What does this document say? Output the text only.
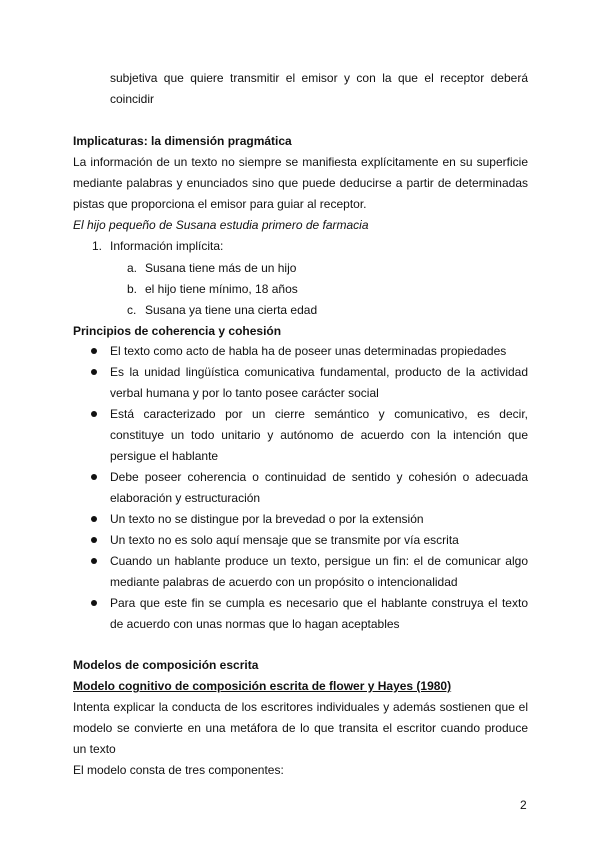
subjetiva que quiere transmitir el emisor y con la que el receptor deberá
coincidir
Implicaturas: la dimensión pragmática
La información de un texto no siempre se manifiesta explícitamente en su superficie
mediante palabras y enunciados sino que puede deducirse a partir de determinadas
pistas que proporciona el emisor para guiar al receptor.
El hijo pequeño de Susana estudia primero de farmacia
1. Información implícita:
a. Susana tiene más de un hijo
b. el hijo tiene mínimo, 18 años
c. Susana ya tiene una cierta edad
Principios de coherencia y cohesión
El texto como acto de habla ha de poseer unas determinadas propiedades
Es la unidad lingüística comunicativa fundamental, producto de la actividad
verbal humana y por lo tanto posee carácter social
Está caracterizado por un cierre semántico y comunicativo, es decir,
constituye un todo unitario y autónomo de acuerdo con la intención que
persigue el hablante
Debe poseer coherencia o continuidad de sentido y cohesión o adecuada
elaboración y estructuración
Un texto no se distingue por la brevedad o por la extensión
Un texto no es solo aquí mensaje que se transmite por vía escrita
Cuando un hablante produce un texto, persigue un fin: el de comunicar algo
mediante palabras de acuerdo con un propósito o intencionalidad
Para que este fin se cumpla es necesario que el hablante construya el texto
de acuerdo con unas normas que lo hagan aceptables
Modelos de composición escrita
Modelo cognitivo de composición escrita de flower y Hayes (1980)
Intenta explicar la conducta de los escritores individuales y además sostienen que el
modelo se convierte en una metáfora de lo que transita el escritor cuando produce
un texto
El modelo consta de tres componentes:
2
